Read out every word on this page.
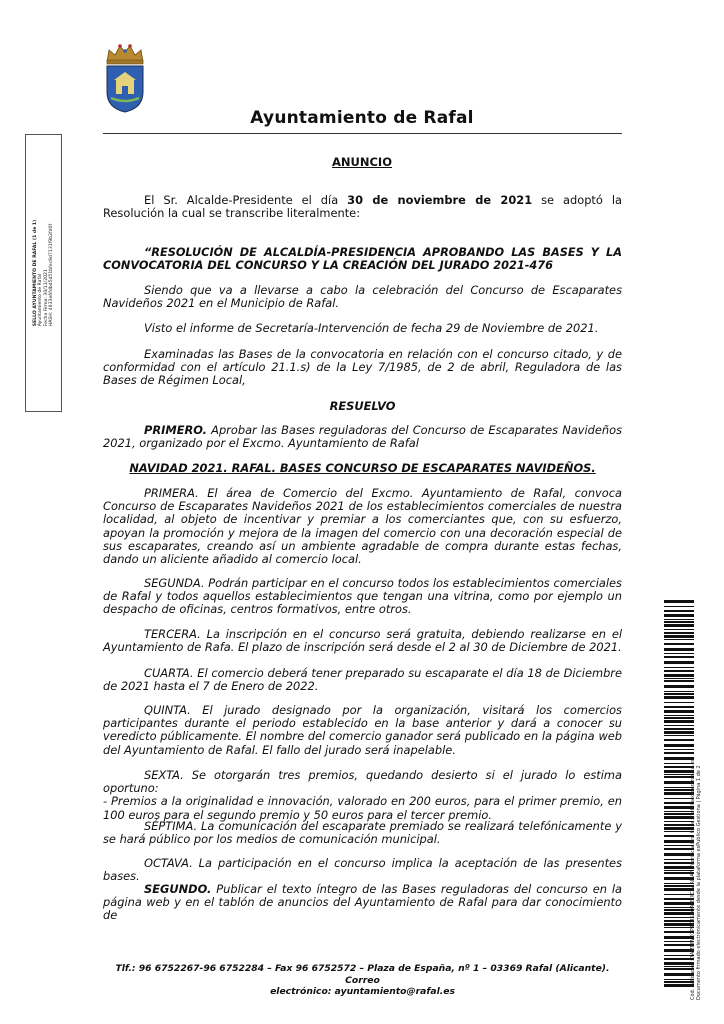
Ayuntamiento de Rafal
ANUNCIO
El Sr. Alcalde-Presidente el día 30 de noviembre de 2021 se adoptó la Resolución la cual se transcribe literalmente:
“RESOLUCIÓN DE ALCALDÍA-PRESIDENCIA APROBANDO LAS BASES Y LA CONVOCATORIA DEL CONCURSO Y LA CREACIÓN DEL JURADO 2021-476
Siendo que va a llevarse a cabo la celebración del Concurso de Escaparates Navideños 2021 en el Municipio de Rafal.
Visto el informe de Secretaría-Intervención de fecha 29 de Noviembre de 2021.
Examinadas las Bases de la convocatoria en relación con el concurso citado, y de conformidad con el artículo 21.1.s) de la Ley 7/1985, de 2 de abril, Reguladora de las Bases de Régimen Local,
RESUELVO
PRIMERO. Aprobar las Bases reguladoras del Concurso de Escaparates Navideños 2021, organizado por el Excmo. Ayuntamiento de Rafal
NAVIDAD 2021. RAFAL. BASES CONCURSO DE ESCAPARATES NAVIDEÑOS.
PRIMERA. El área de Comercio del Excmo. Ayuntamiento de Rafal, convoca Concurso de Escaparates Navideños 2021 de los establecimientos comerciales de nuestra localidad, al objeto de incentivar y premiar a los comerciantes que, con su esfuerzo, apoyan la promoción y mejora de la imagen del comercio con una decoración especial de sus escaparates, creando así un ambiente agradable de compra durante estas fechas, dando un aliciente añadido al comercio local.
SEGUNDA. Podrán participar en el concurso todos los establecimientos comerciales de Rafal y todos aquellos establecimientos que tengan una vitrina, como por ejemplo un despacho de oficinas, centros formativos, entre otros.
TERCERA. La inscripción en el concurso será gratuita, debiendo realizarse en el Ayuntamiento de Rafa. El plazo de inscripción será desde el 2 al 30 de Diciembre de 2021.
CUARTA. El comercio deberá tener preparado su escaparate el día 18 de Diciembre de 2021 hasta el 7 de Enero de 2022.
QUINTA. El jurado designado por la organización, visitará los comercios participantes durante el periodo establecido en la base anterior y dará a conocer su veredicto públicamente. El nombre del comercio ganador será publicado en la página web del Ayuntamiento de Rafal. El fallo del jurado será inapelable.
SEXTA. Se otorgarán tres premios, quedando desierto si el jurado lo estima oportuno:
- Premios a la originalidad e innovación, valorado en 200 euros, para el primer premio, en 100 euros para el segundo premio y 50 euros para el tercer premio.
SÉPTIMA. La comunicación del escaparate premiado se realizará telefónicamente y se hará público por los medios de comunicación municipal.
OCTAVA. La participación en el concurso implica la aceptación de las presentes bases.
SEGUNDO. Publicar el texto íntegro de las Bases reguladoras del concurso en la página web y en el tablón de anuncios del Ayuntamiento de Rafal para dar conocimiento de
SELLO AYUNTAMIENTO DE RAFAL (1 de 1) Ayuntamiento de Rafal Fecha Firma: 30/11/2021 HASH: 4633e6fdbd5d51bfec8d7131f9b2fd0f
Cód. Validación: 7AMMWD3PTK3SAQAH5XC9ARMAF | Verificación: https://rafal.sedelectronica.es/ Documento firmado electrónicamente desde la plataforma esPublico Gestiona | Página 1 de 2
Tlf.: 96 6752267-96 6752284 – Fax 96 6752572 – Plaza de España, nº 1 – 03369 Rafal (Alicante). Correo
electrónico: ayuntamiento@rafal.es
